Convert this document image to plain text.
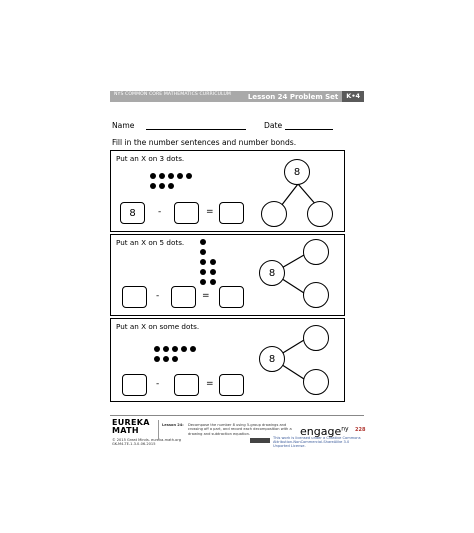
NYS COMMON CORE MATHEMATICS CURRICULUM Lesson 24 Problem Set	K•4
Name	Date
Fill in the number sentences and number bonds.
Put an X on 3 dots.
8	-	=
8
Put an X on 5 dots.
-	=
8
Put an X on some dots.
-	=
8
EUREKA
MATH
© 2015 Great Minds. eureka-math.org
GK-M4-TE-1.3.0-06.2015
Lesson 24: Decompose the number 8 using 5-group drawings and crossing off a part, and record each decomposition with a drawing and subtraction equation.
This work is licensed under a Creative Commons Attribution-NonCommercial-ShareAlike 3.0 Unported License.
engage$^{ny}$ 228
